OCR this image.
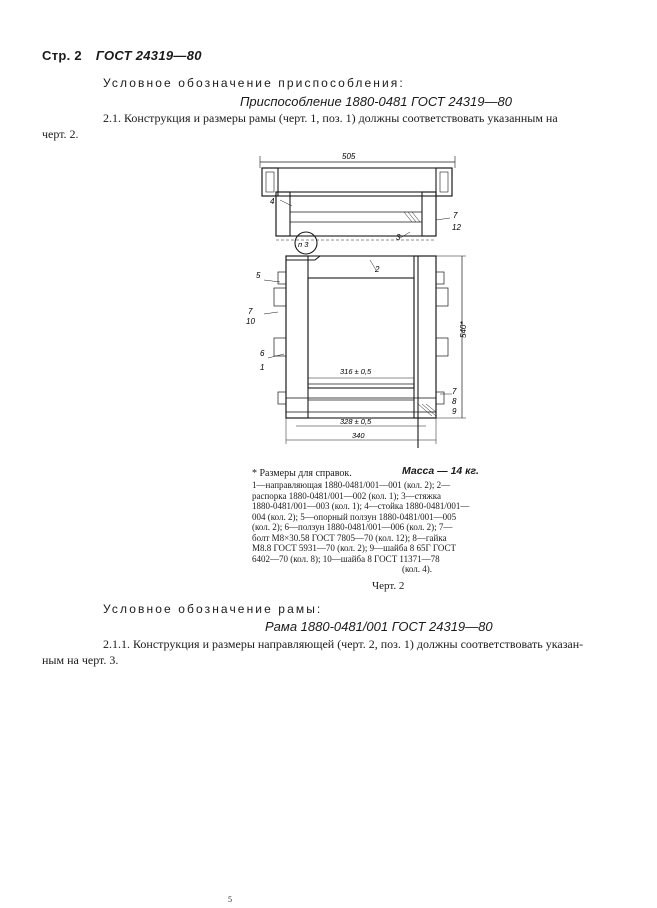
Стр. 2 ГОСТ 24319—80
Условное обозначение приспособления:
Приспособление 1880-0481 ГОСТ 24319—80
2.1. Конструкция и размеры рамы (черт. 1, поз. 1) должны соответствовать указанным на
черт. 2.
505
п 3
4
7
12
3
2
5
7
10
6
1
7
8
9
540*
316 ± 0,5
328 ± 0,5
340
* Размеры для справок.	Масса — 14 кг.
1—направляющая 1880-0481/001—001 (кол. 2); 2—
распорка 1880-0481/001—002 (кол. 1); 3—стяжка
1880-0481/001—003 (кол. 1); 4—стойка 1880-0481/001—
004 (кол. 2); 5—опорный ползун 1880-0481/001—005
(кол. 2); 6—ползун 1880-0481/001—006 (кол. 2); 7—
болт М8×30.58 ГОСТ 7805—70 (кол. 12); 8—гайка
М8.8 ГОСТ 5931—70 (кол. 2); 9—шайба 8 65Г ГОСТ
6402—70 (кол. 8); 10—шайба 8 ГОСТ 11371—78
(кол. 4).
Черт. 2
Условное обозначение рамы:
Рама 1880-0481/001 ГОСТ 24319—80
2.1.1. Конструкция и размеры направляющей (черт. 2, поз. 1) должны соответствовать указан-
ным на черт. 3.
5
